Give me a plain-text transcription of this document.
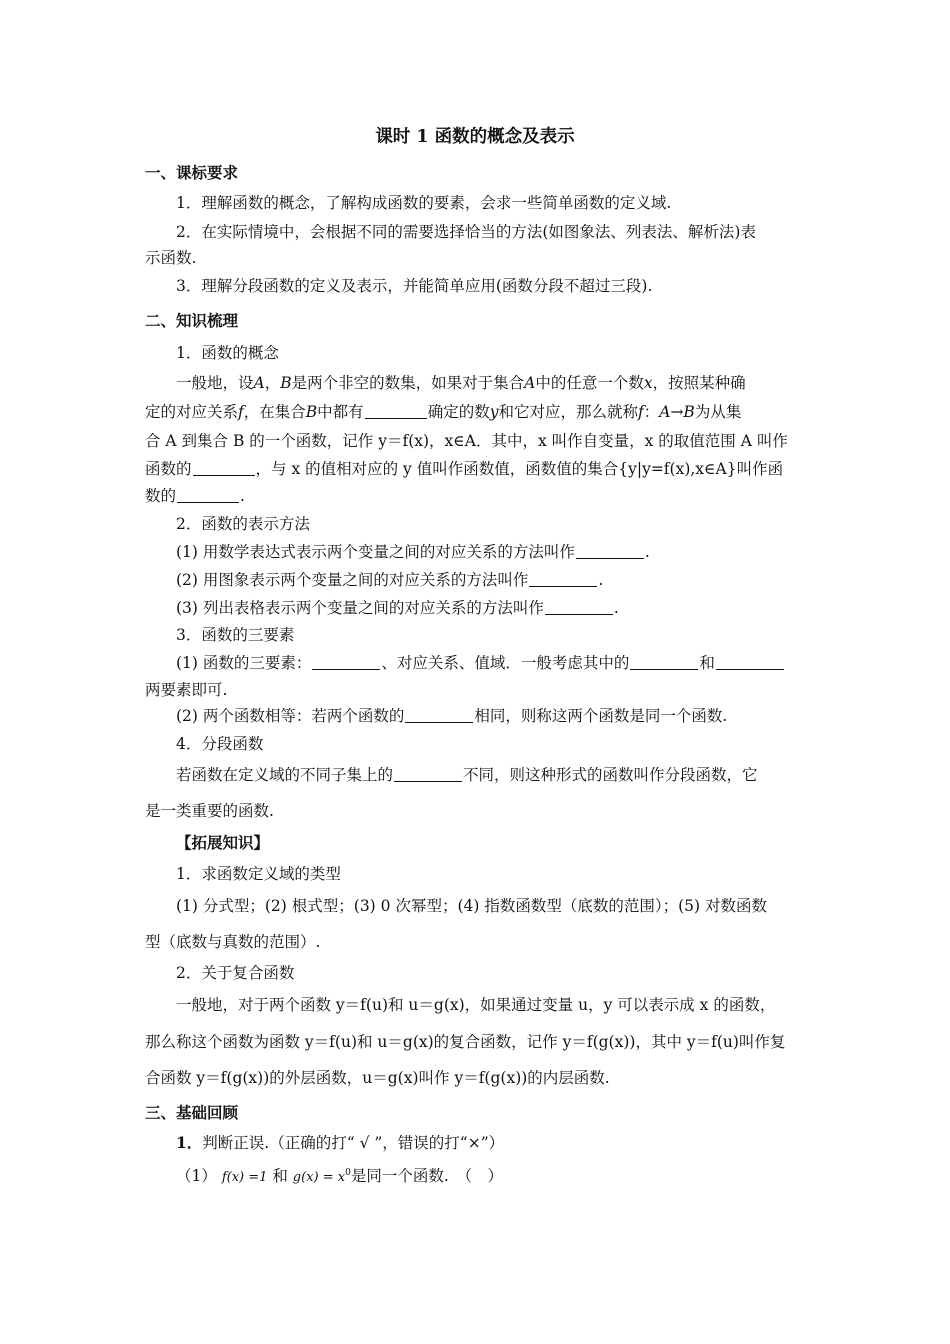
课时 1 函数的概念及表示
一、课标要求
1．理解函数的概念，了解构成函数的要素，会求一些简单函数的定义域.
2．在实际情境中，会根据不同的需要选择恰当的方法(如图象法、列表法、解析法)表
示函数.
3．理解分段函数的定义及表示，并能简单应用(函数分段不超过三段).
二、知识梳理
1．函数的概念
一般地，设A，B是两个非空的数集，如果对于集合A中的任意一个数x，按照某种确
定的对应关系f，在集合B中都有	确定的数y和它对应，那么就称f：A→B为从集
合 A 到集合 B 的一个函数，记作 y＝f(x)，x∈A．其中，x 叫作自变量，x 的取值范围 A 叫作
函数的	，与 x 的值相对应的 y 值叫作函数值，函数值的集合{y|y=f(x),x∈A}叫作函
数的	.
2．函数的表示方法
(1) 用数学表达式表示两个变量之间的对应关系的方法叫作	.
(2) 用图象表示两个变量之间的对应关系的方法叫作	.
(3) 列出表格表示两个变量之间的对应关系的方法叫作	.
3．函数的三要素
(1) 函数的三要素：	、对应关系、值域．一般考虑其中的	和
两要素即可.
(2) 两个函数相等：若两个函数的	相同，则称这两个函数是同一个函数.
4．分段函数
若函数在定义域的不同子集上的	不同，则这种形式的函数叫作分段函数，它
是一类重要的函数.
【拓展知识】
1．求函数定义域的类型
(1) 分式型；(2) 根式型；(3) 0 次幂型；(4) 指数函数型（底数的范围）；(5) 对数函数
型（底数与真数的范围）.
2．关于复合函数
一般地，对于两个函数 y＝f(u)和 u＝g(x)，如果通过变量 u，y 可以表示成 x 的函数，
那么称这个函数为函数 y＝f(u)和 u＝g(x)的复合函数，记作 y＝f(g(x))，其中 y＝f(u)叫作复
合函数 y＝f(g(x))的外层函数，u＝g(x)叫作 y＝f(g(x))的内层函数.
三、基础回顾
1．判断正误.（正确的打“ √ ”，错误的打“×”）
（1） f(x) =1 和 $g(x) = x^0$是同一个函数.　（　）
